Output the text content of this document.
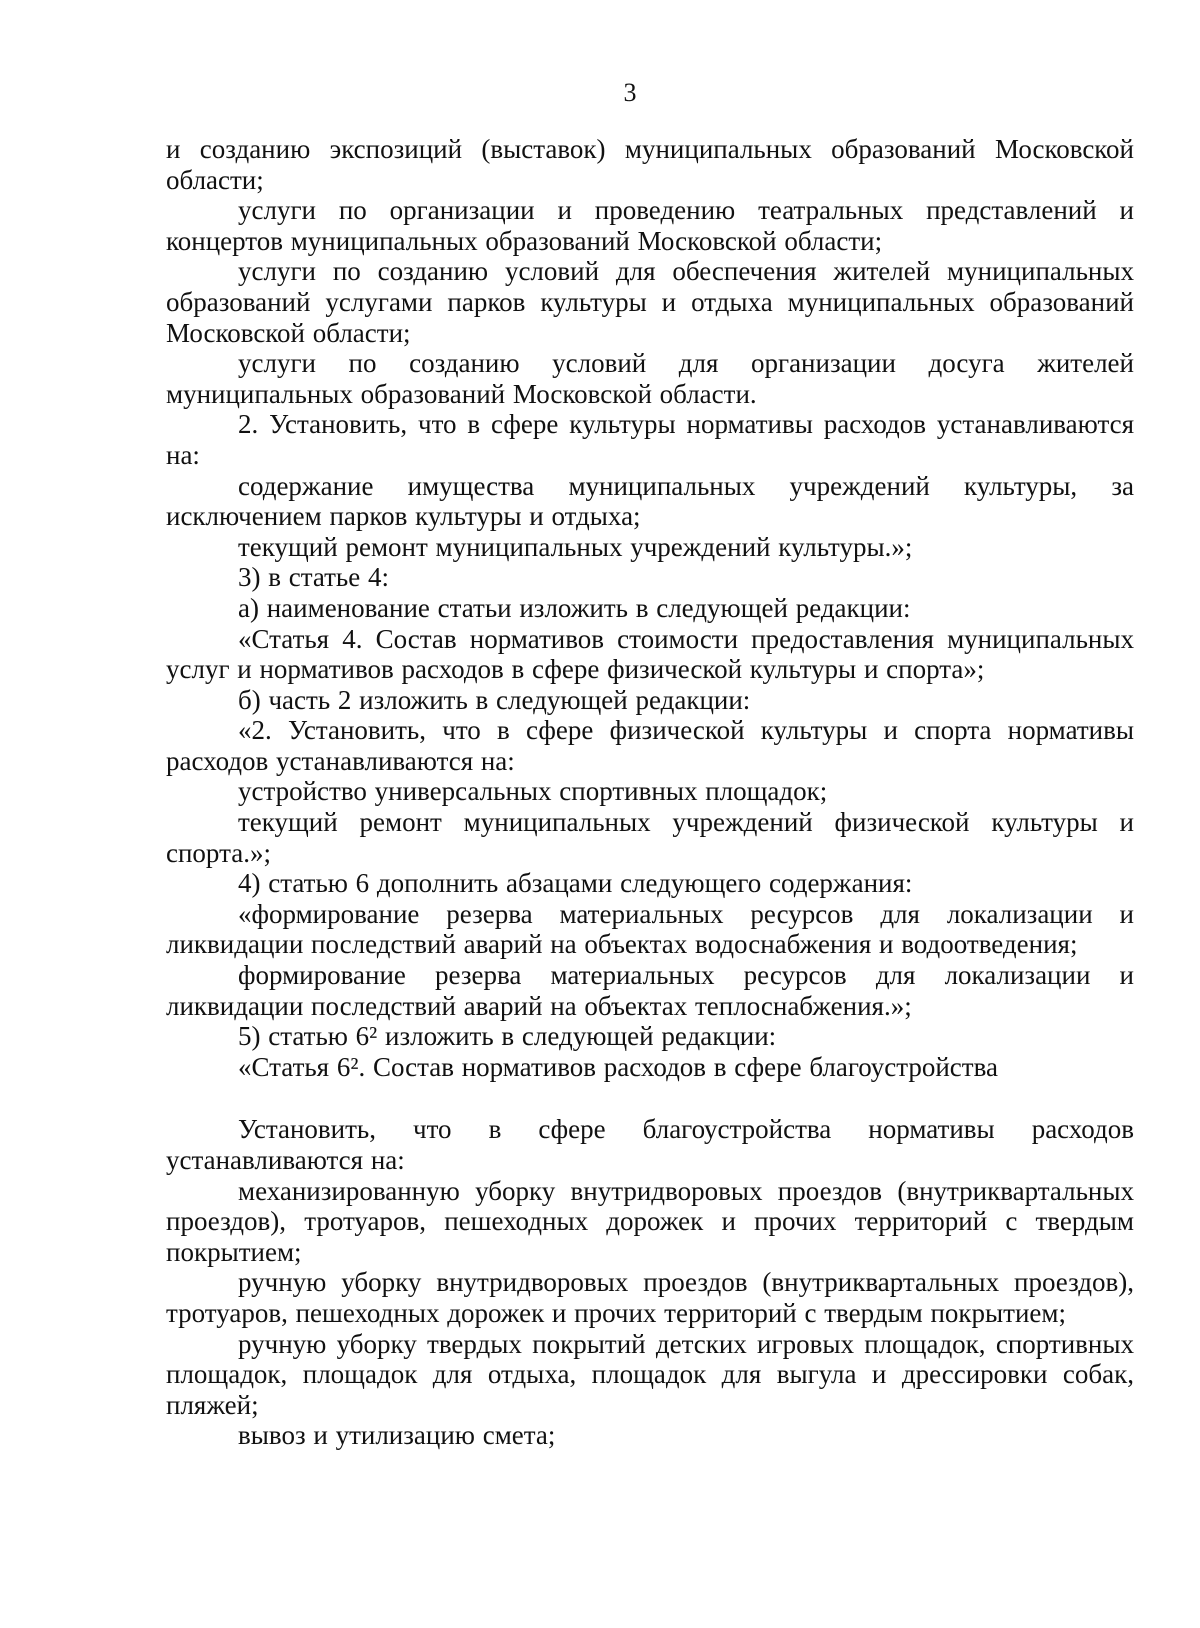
3

и созданию экспозиций (выставок) муниципальных образований Московской области;

услуги по организации и проведению театральных представлений и концертов муниципальных образований Московской области;

услуги по созданию условий для обеспечения жителей муниципальных образований услугами парков культуры и отдыха муниципальных образований Московской области;

услуги по созданию условий для организации досуга жителей муниципальных образований Московской области.

2. Установить, что в сфере культуры нормативы расходов устанавливаются на:

содержание имущества муниципальных учреждений культуры, за исключением парков культуры и отдыха;

текущий ремонт муниципальных учреждений культуры.»;

3) в статье 4:

а) наименование статьи изложить в следующей редакции:

«Статья 4. Состав нормативов стоимости предоставления муниципальных услуг и нормативов расходов в сфере физической культуры и спорта»;

б) часть 2 изложить в следующей редакции:

«2. Установить, что в сфере физической культуры и спорта нормативы расходов устанавливаются на:

устройство универсальных спортивных площадок;

текущий ремонт муниципальных учреждений физической культуры и спорта.»;

4) статью 6 дополнить абзацами следующего содержания:

«формирование резерва материальных ресурсов для локализации и ликвидации последствий аварий на объектах водоснабжения и водоотведения;

формирование резерва материальных ресурсов для локализации и ликвидации последствий аварий на объектах теплоснабжения.»;

5) статью 6² изложить в следующей редакции:

«Статья 6². Состав нормативов расходов в сфере благоустройства

Установить, что в сфере благоустройства нормативы расходов устанавливаются на:

механизированную уборку внутридворовых проездов (внутриквартальных проездов), тротуаров, пешеходных дорожек и прочих территорий с твердым покрытием;

ручную уборку внутридворовых проездов (внутриквартальных проездов), тротуаров, пешеходных дорожек и прочих территорий с твердым покрытием;

ручную уборку твердых покрытий детских игровых площадок, спортивных площадок, площадок для отдыха, площадок для выгула и дрессировки собак, пляжей;

вывоз и утилизацию смета;
